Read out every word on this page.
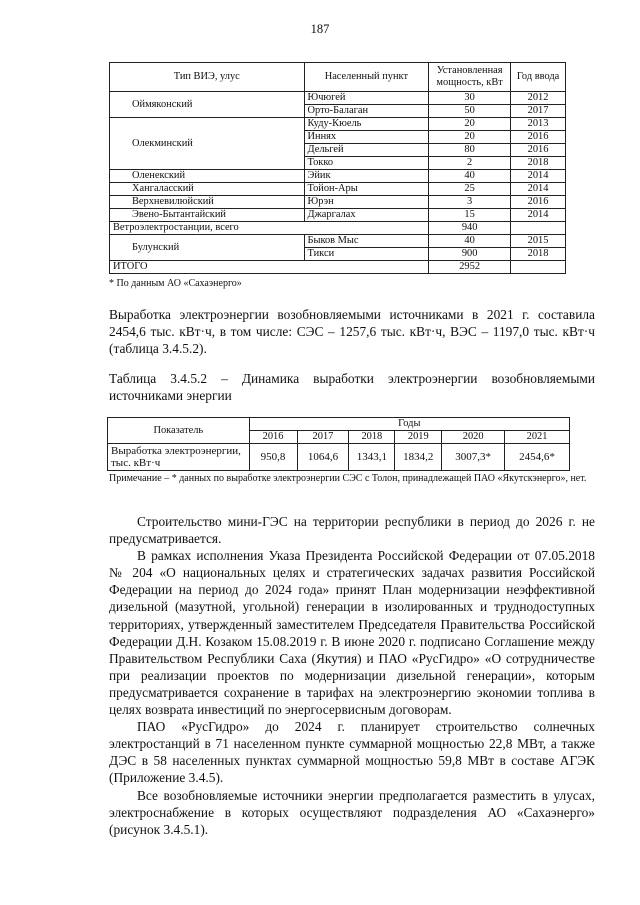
187
Тип ВИЭ, улус	Населенный пункт	Установленная мощность, кВт	Год ввода
Оймяконский	Ючюгей	30	2012
	Орто-Балаган	50	2017
Олекминский	Куду-Кюель	20	2013
	Иннях	20	2016
	Дельгей	80	2016
	Токко	2	2018
Оленекский	Эйик	40	2014
Хангаласский	Тойон-Ары	25	2014
Верхневилюйский	Юрэн	3	2016
Эвено-Бытантайский	Джаргалах	15	2014
Ветроэлектростанции, всего		940	
Булунский	Быков Мыс	40	2015
	Тикси	900	2018
ИТОГО		2952	
* По данным АО «Сахаэнерго»
Выработка электроэнергии возобновляемыми источниками в 2021 г. составила 2454,6 тыс. кВт·ч, в том числе: СЭС – 1257,6 тыс. кВт·ч, ВЭС – 1197,0 тыс. кВт·ч (таблица 3.4.5.2).
Таблица 3.4.5.2 – Динамика выработки электроэнергии возобновляемыми источниками энергии
Показатель	Годы					
	2016	2017	2018	2019	2020	2021
Выработка электроэнергии, тыс. кВт·ч	950,8	1064,6	1343,1	1834,2	3007,3*	2454,6*
Примечание – * данных по выработке электроэнергии СЭС с Толон, принадлежащей ПАО «Якутскэнерго», нет.

Строительство мини-ГЭС на территории республики в период до 2026 г. не предусматривается.

В рамках исполнения Указа Президента Российской Федерации от 07.05.2018 № 204 «О национальных целях и стратегических задачах развития Российской Федерации на период до 2024 года» принят План модернизации неэффективной дизельной (мазутной, угольной) генерации в изолированных и труднодоступных территориях, утвержденный заместителем Председателя Правительства Российской Федерации Д.Н. Козаком 15.08.2019 г. В июне 2020 г. подписано Соглашение между Правительством Республики Саха (Якутия) и ПАО «РусГидро» «О сотрудничестве при реализации проектов по модернизации дизельной генерации», которым предусматривается сохранение в тарифах на электроэнергию экономии топлива в целях возврата инвестиций по энергосервисным договорам.

ПАО «РусГидро» до 2024 г. планирует строительство солнечных электростанций в 71 населенном пункте суммарной мощностью 22,8 МВт, а также ДЭС в 58 населенных пунктах суммарной мощностью 59,8 МВт в составе АГЭК (Приложение 3.4.5).

Все возобновляемые источники энергии предполагается разместить в улусах, электроснабжение в которых осуществляют подразделения АО «Сахаэнерго» (рисунок 3.4.5.1).
